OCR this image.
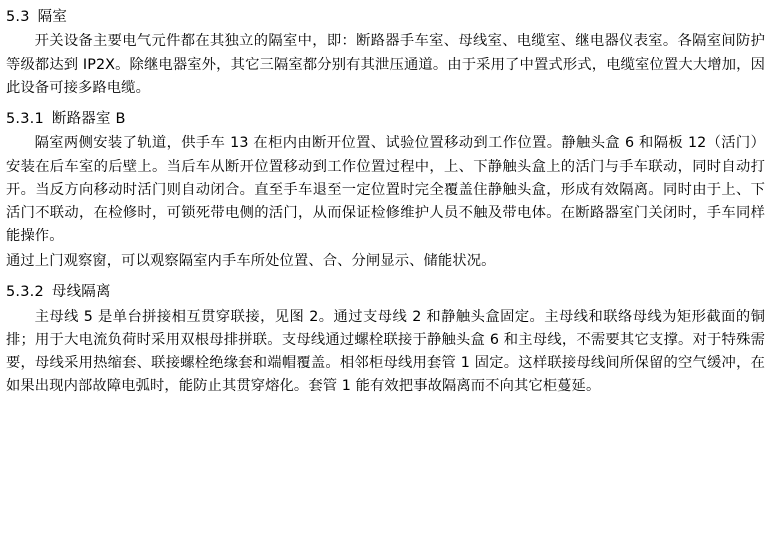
5.3 隔室

开关设备主要电气元件都在其独立的隔室中，即：断路器手车室、母线室、电缆室、继电器仪表室。各隔室间防护等级都达到 IP2X。除继电器室外，其它三隔室都分别有其泄压通道。由于采用了中置式形式，电缆室位置大大增加，因此设备可接多路电缆。

5.3.1 断路器室 B

隔室两侧安装了轨道，供手车 13 在柜内由断开位置、试验位置移动到工作位置。静触头盒 6 和隔板 12（活门）安装在后车室的后壁上。当后车从断开位置移动到工作位置过程中，上、下静触头盒上的活门与手车联动，同时自动打开。当反方向移动时活门则自动闭合。直至手车退至一定位置时完全覆盖住静触头盒，形成有效隔离。同时由于上、下活门不联动，在检修时，可锁死带电侧的活门，从而保证检修维护人员不触及带电体。在断路器室门关闭时，手车同样能操作。

通过上门观察窗，可以观察隔室内手车所处位置、合、分闸显示、储能状况。

5.3.2 母线隔离

主母线 5 是单台拼接相互贯穿联接，见图 2。通过支母线 2 和静触头盒固定。主母线和联络母线为矩形截面的铜排；用于大电流负荷时采用双根母排拼联。支母线通过螺栓联接于静触头盒 6 和主母线，不需要其它支撑。对于特殊需要，母线采用热缩套、联接螺栓绝缘套和端帽覆盖。相邻柜母线用套管 1 固定。这样联接母线间所保留的空气缓冲，在如果出现内部故障电弧时，能防止其贯穿熔化。套管 1 能有效把事故隔离而不向其它柜蔓延。
